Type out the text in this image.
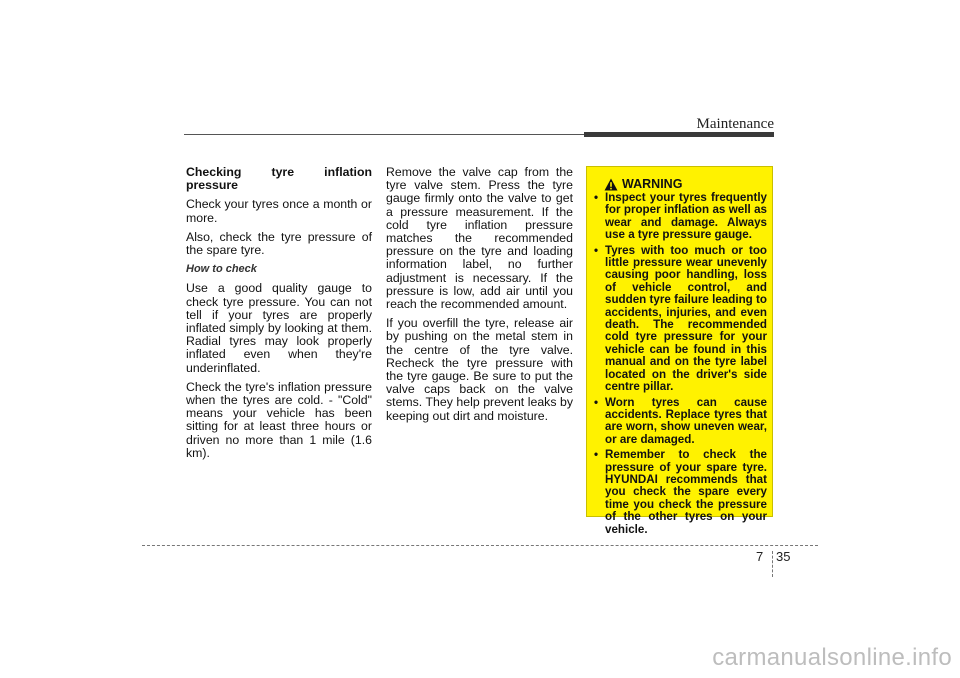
Maintenance

Checking tyre inflation pressure

Check your tyres once a month or more.

Also, check the tyre pressure of the spare tyre.

How to check

Use a good quality gauge to check tyre pressure. You can not tell if your tyres are properly inflated simply by looking at them. Radial tyres may look properly inflated even when they're underinflated.

Check the tyre's inflation pressure when the tyres are cold. - "Cold" means your vehicle has been sitting for at least three hours or driven no more than 1 mile (1.6 km).

Remove the valve cap from the tyre valve stem. Press the tyre gauge firmly onto the valve to get a pressure measurement. If the cold tyre inflation pressure matches the recommended pressure on the tyre and loading information label, no further adjustment is necessary. If the pressure is low, add air until you reach the recommended amount.

If you overfill the tyre, release air by pushing on the metal stem in the centre of the tyre valve. Recheck the tyre pressure with the tyre gauge. Be sure to put the valve caps back on the valve stems. They help prevent leaks by keeping out dirt and moisture.

WARNING
• Inspect your tyres frequently for proper inflation as well as wear and damage. Always use a tyre pressure gauge.
• Tyres with too much or too little pressure wear unevenly causing poor handling, loss of vehicle control, and sudden tyre failure leading to accidents, injuries, and even death. The recommended cold tyre pressure for your vehicle can be found in this manual and on the tyre label located on the driver's side centre pillar.
• Worn tyres can cause accidents. Replace tyres that are worn, show uneven wear, or are damaged.
• Remember to check the pressure of your spare tyre. HYUNDAI recommends that you check the spare every time you check the pressure of the other tyres on your vehicle.
7 35
carmanualsonline.info
